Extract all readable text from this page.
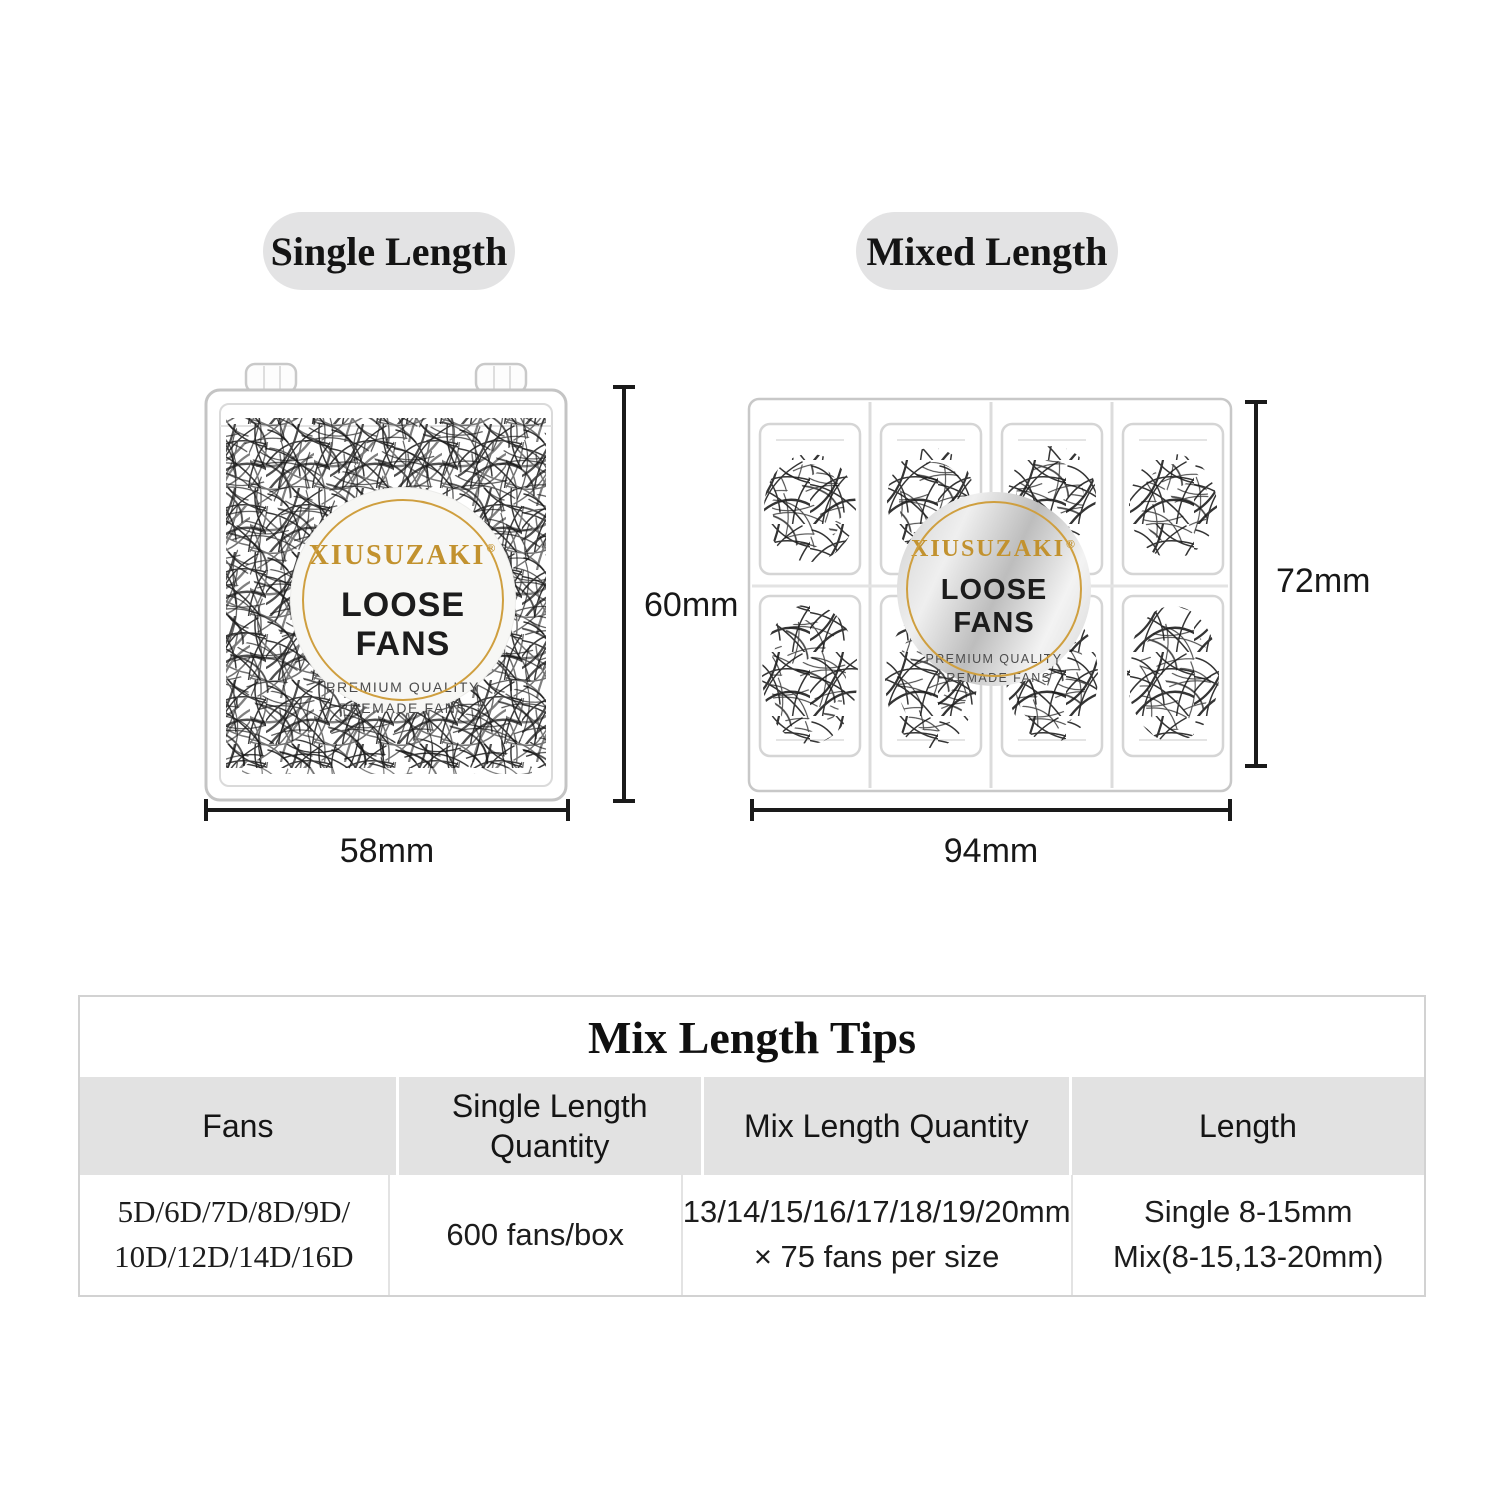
Single Length	Mixed Length
XIUSUZAKI ®
LOOSE FANS
PREMIUM QUALITY
PREMADE FANS
60mm
58mm
XIUSUZAKI ®
LOOSE FANS
PREMIUM QUALITY
PREMADE FANS
72mm
94mm
Mix Length Tips
Fans
Single Length Quantity
Mix Length Quantity	Length
5D/6D/7D/8D/9D/
10D/12D/14D/16D
600 fans/box
13/14/15/16/17/18/19/20mm
× 75 fans per size
Single 8-15mm
Mix(8-15,13-20mm)
